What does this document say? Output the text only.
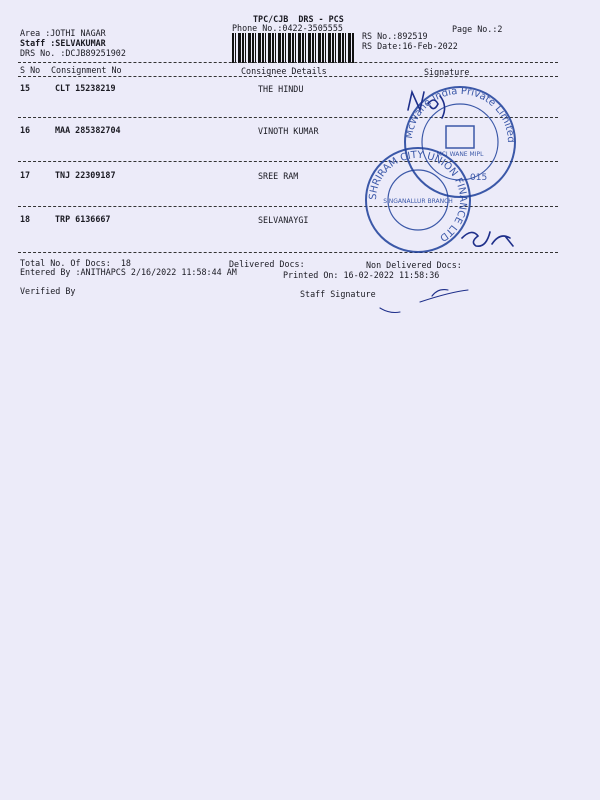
TPC/CJB  DRS - PCS
Phone No.:0422-3505555	Page No.:2
Area :JOTHI NAGAR
Staff :SELVAKUMAR
DRS No. :DCJB89251902
RS No.:892519
RS Date:16-Feb-2022
S No Consignment No	Consignee Details	Signature
15	CLT 15238219	THE HINDU
16	MAA 285382704	VINOTH KUMAR
17	TNJ 22309187	SREE RAM
18	TRP 6136667	SELVANAYGI
Total No. Of Docs:  18	Delivered Docs:	Non Delivered Docs:
Entered By :ANITHAPCS 2/16/2022 11:58:44 AM	Printed On: 16-02-2022 11:58:36
Verified By	Staff Signature
McWane India Private Limited
MCI WANE MIPL
015
SHRIRAM CITY UNION FINANCE LTD
SINGANALLUR BRANCH
